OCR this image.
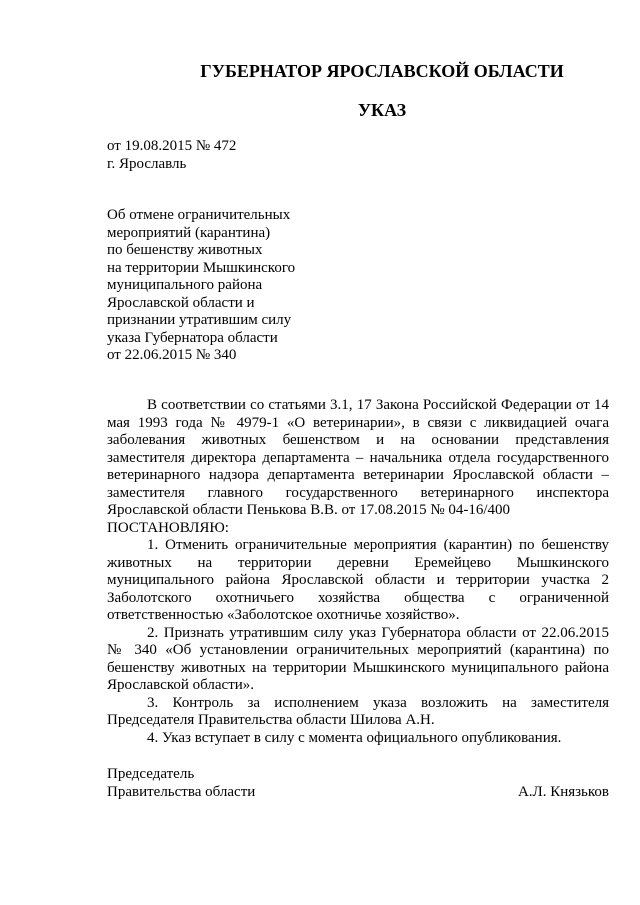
ГУБЕРНАТОР ЯРОСЛАВСКОЙ ОБЛАСТИ
УКАЗ
от 19.08.2015 № 472
г. Ярославль
Об отмене ограничительных
мероприятий (карантина)
по бешенству животных
на территории Мышкинского
муниципального района
Ярославской области и
признании утратившим силу
указа Губернатора области
от 22.06.2015 № 340

В соответствии со статьями 3.1, 17 Закона Российской Федерации от 14 мая 1993 года № 4979-1 «О ветеринарии», в связи с ликвидацией очага заболевания животных бешенством и на основании представления заместителя директора департамента – начальника отдела государственного ветеринарного надзора департамента ветеринарии Ярославской области – заместителя главного государственного ветеринарного инспектора Ярославской области Пенькова В.В. от 17.08.2015 № 04-16/400

ПОСТАНОВЛЯЮ:

1. Отменить ограничительные мероприятия (карантин) по бешенству животных на территории деревни Еремейцево Мышкинского муниципального района Ярославской области и территории участка 2 Заболотского охотничьего хозяйства общества с ограниченной ответственностью «Заболотское охотничье хозяйство».

2. Признать утратившим силу указ Губернатора области от 22.06.2015 № 340 «Об установлении ограничительных мероприятий (карантина) по бешенству животных на территории Мышкинского муниципального района Ярославской области».

3. Контроль за исполнением указа возложить на заместителя Председателя Правительства области Шилова А.Н.

4. Указ вступает в силу с момента официального опубликования.

Председатель
Правительства области	А.Л. Князьков
